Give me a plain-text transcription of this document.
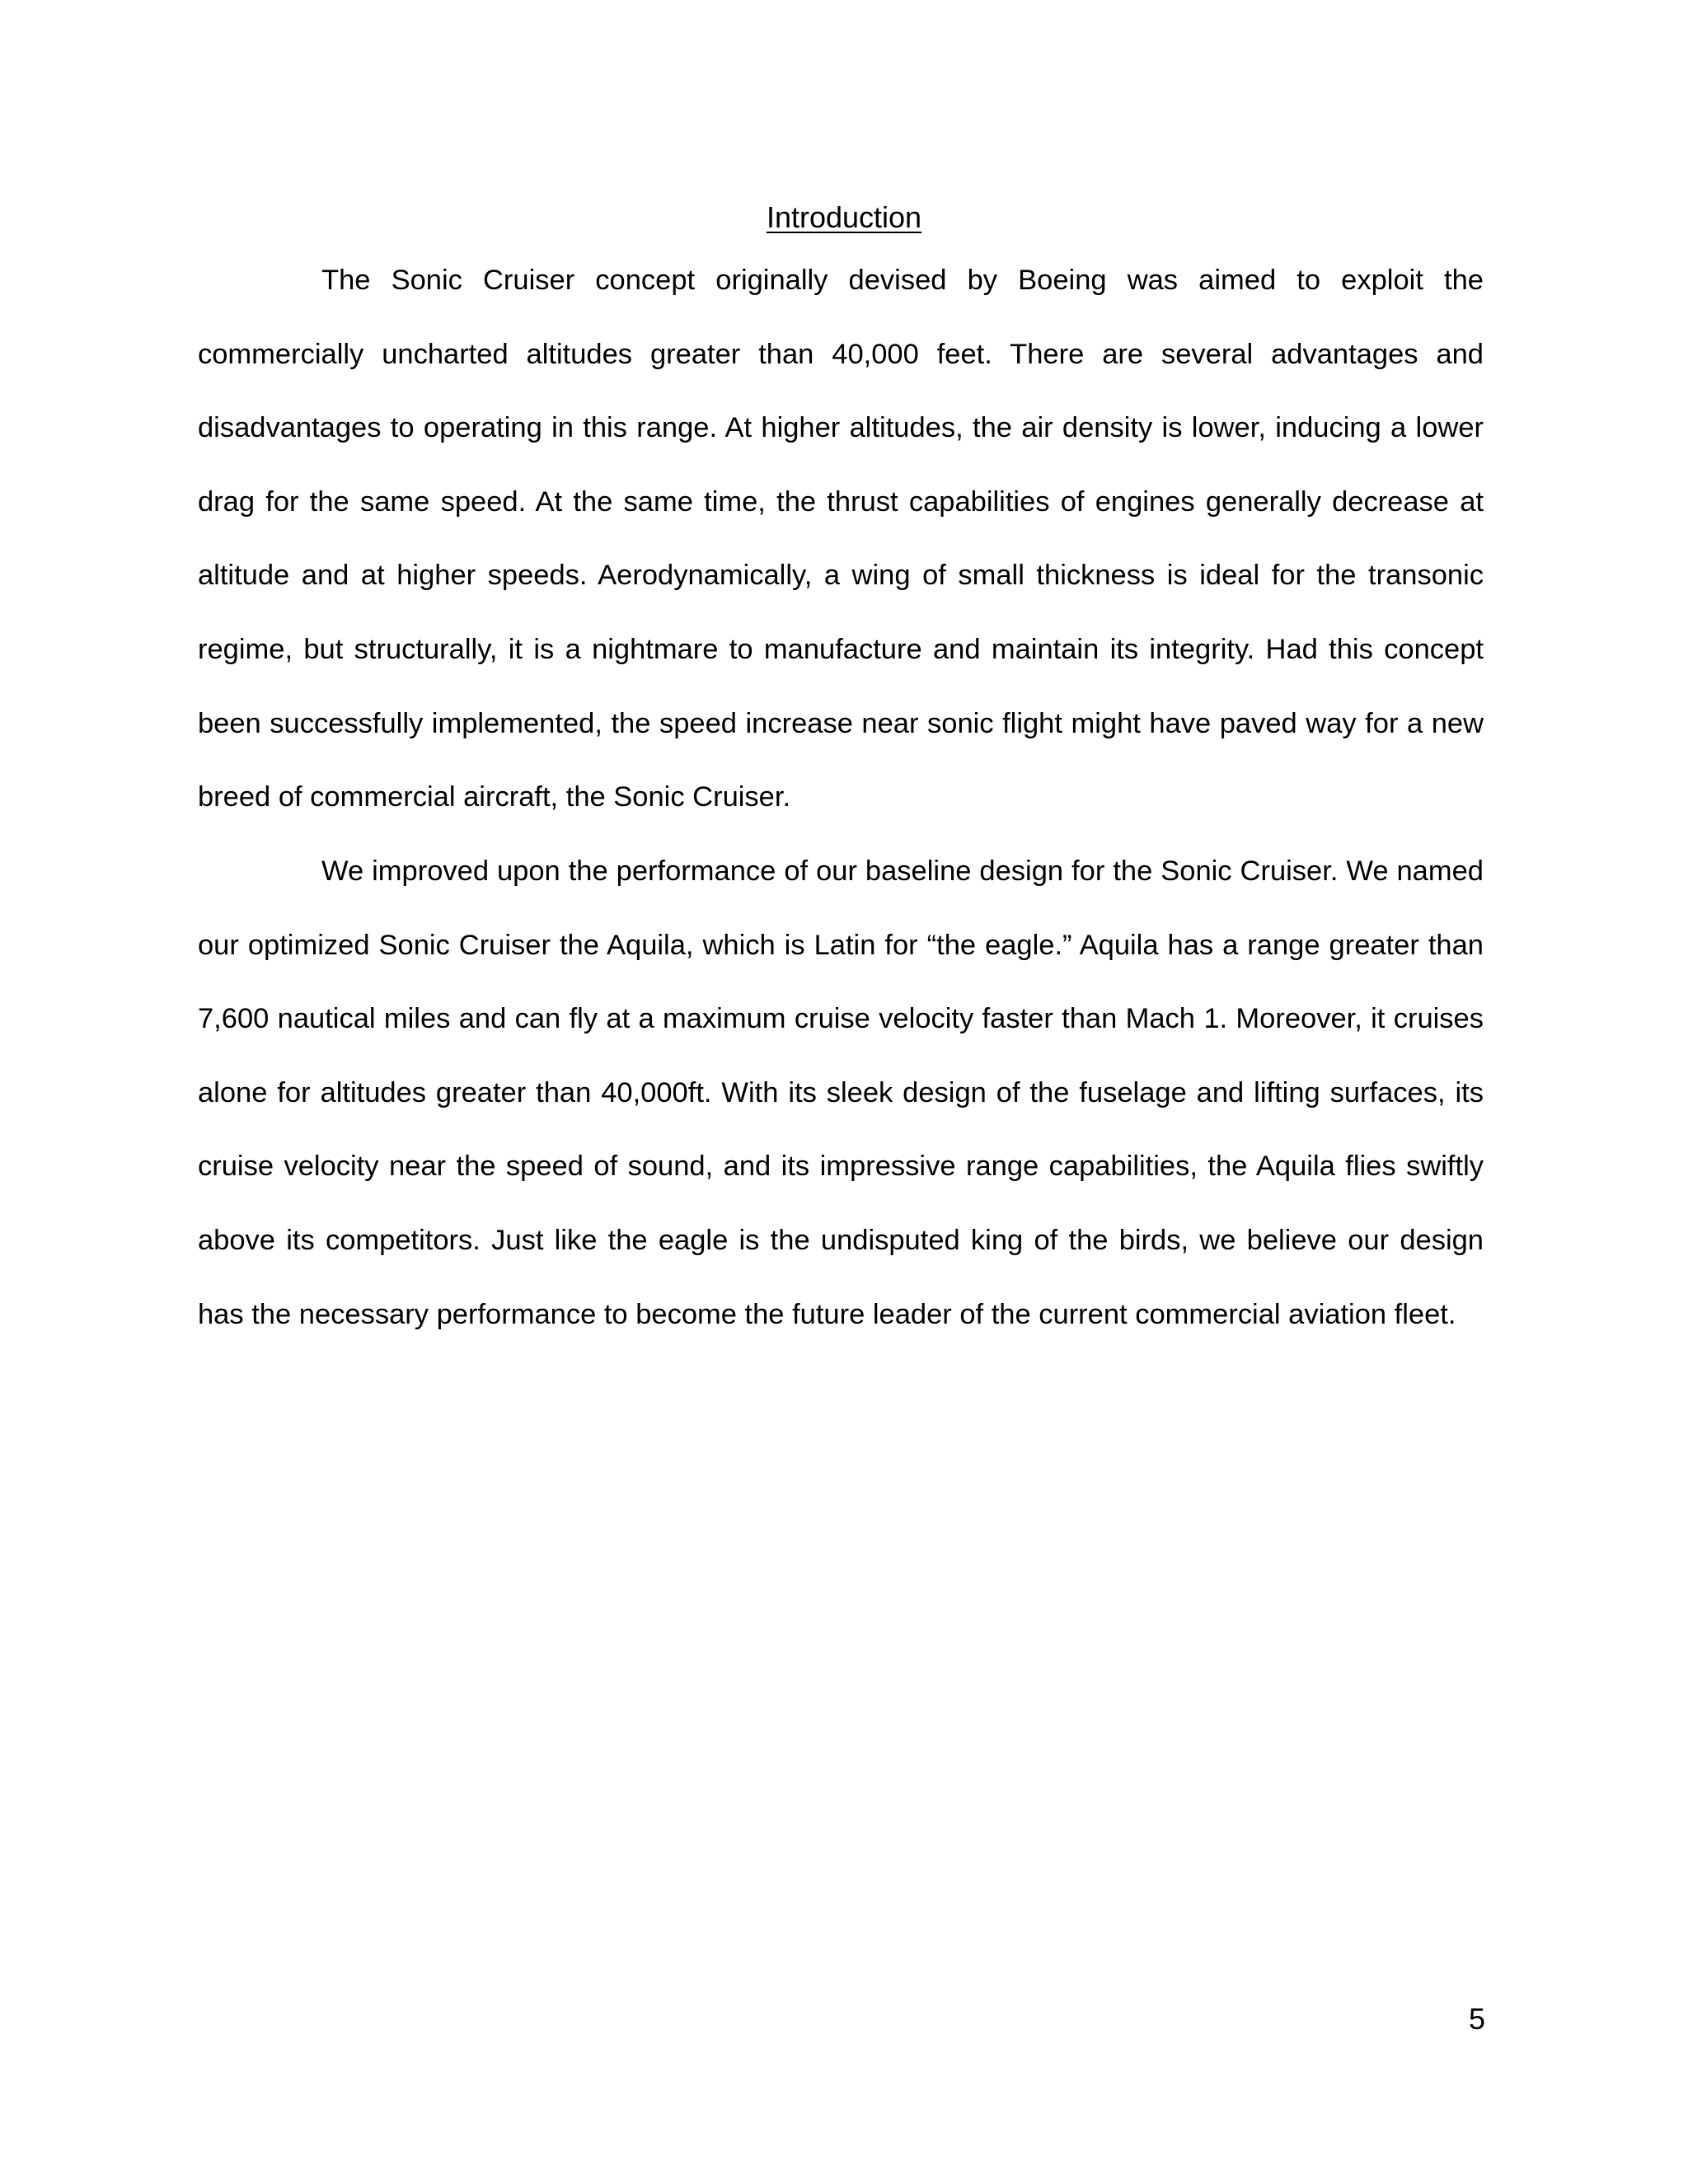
Introduction

The Sonic Cruiser concept originally devised by Boeing was aimed to exploit the commercially uncharted altitudes greater than 40,000 feet. There are several advantages and disadvantages to operating in this range. At higher altitudes, the air density is lower, inducing a lower drag for the same speed. At the same time, the thrust capabilities of engines generally decrease at altitude and at higher speeds. Aerodynamically, a wing of small thickness is ideal for the transonic regime, but structurally, it is a nightmare to manufacture and maintain its integrity. Had this concept been successfully implemented, the speed increase near sonic flight might have paved way for a new breed of commercial aircraft, the Sonic Cruiser.

We improved upon the performance of our baseline design for the Sonic Cruiser. We named our optimized Sonic Cruiser the Aquila, which is Latin for “the eagle.” Aquila has a range greater than 7,600 nautical miles and can fly at a maximum cruise velocity faster than Mach 1. Moreover, it cruises alone for altitudes greater than 40,000ft. With its sleek design of the fuselage and lifting surfaces, its cruise velocity near the speed of sound, and its impressive range capabilities, the Aquila flies swiftly above its competitors. Just like the eagle is the undisputed king of the birds, we believe our design has the necessary performance to become the future leader of the current commercial aviation fleet.

5
